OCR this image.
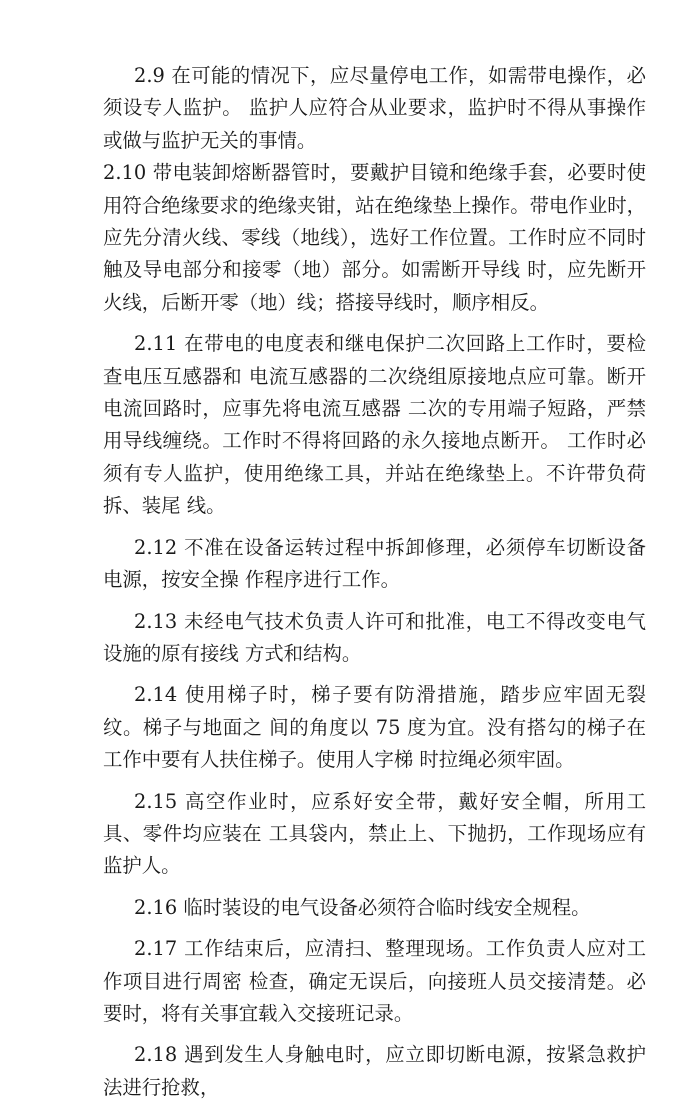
2.9 在可能的情况下，应尽量停电工作，如需带电操作，必须设专人监护。 监护人应符合从业要求，监护时不得从事操作或做与监护无关的事情。

2.10 带电装卸熔断器管时，要戴护目镜和绝缘手套，必要时使用符合绝缘要求的绝缘夹钳，站在绝缘垫上操作。带电作业时，应先分清火线、零线（地线），选好工作位置。工作时应不同时触及导电部分和接零（地）部分。如需断开导线 时，应先断开火线，后断开零（地）线；搭接导线时，顺序相反。

2.11 在带电的电度表和继电保护二次回路上工作时，要检查电压互感器和 电流互感器的二次绕组原接地点应可靠。断开电流回路时，应事先将电流互感器 二次的专用端子短路，严禁用导线缠绕。工作时不得将回路的永久接地点断开。 工作时必须有专人监护，使用绝缘工具，并站在绝缘垫上。不许带负荷拆、装尾 线。

2.12 不准在设备运转过程中拆卸修理，必须停车切断设备电源，按安全操 作程序进行工作。

2.13 未经电气技术负责人许可和批准，电工不得改变电气设施的原有接线 方式和结构。

2.14 使用梯子时，梯子要有防滑措施，踏步应牢固无裂纹。梯子与地面之 间的角度以 75 度为宜。没有搭勾的梯子在工作中要有人扶住梯子。使用人字梯 时拉绳必须牢固。

2.15 高空作业时，应系好安全带，戴好安全帽，所用工具、零件均应装在 工具袋内，禁止上、下抛扔，工作现场应有监护人。

2.16 临时装设的电气设备必须符合临时线安全规程。

2.17 工作结束后，应清扫、整理现场。工作负责人应对工作项目进行周密 检查，确定无误后，向接班人员交接清楚。必要时，将有关事宜载入交接班记录。

2.18 遇到发生人身触电时，应立即切断电源，按紧急救护法进行抢救，
